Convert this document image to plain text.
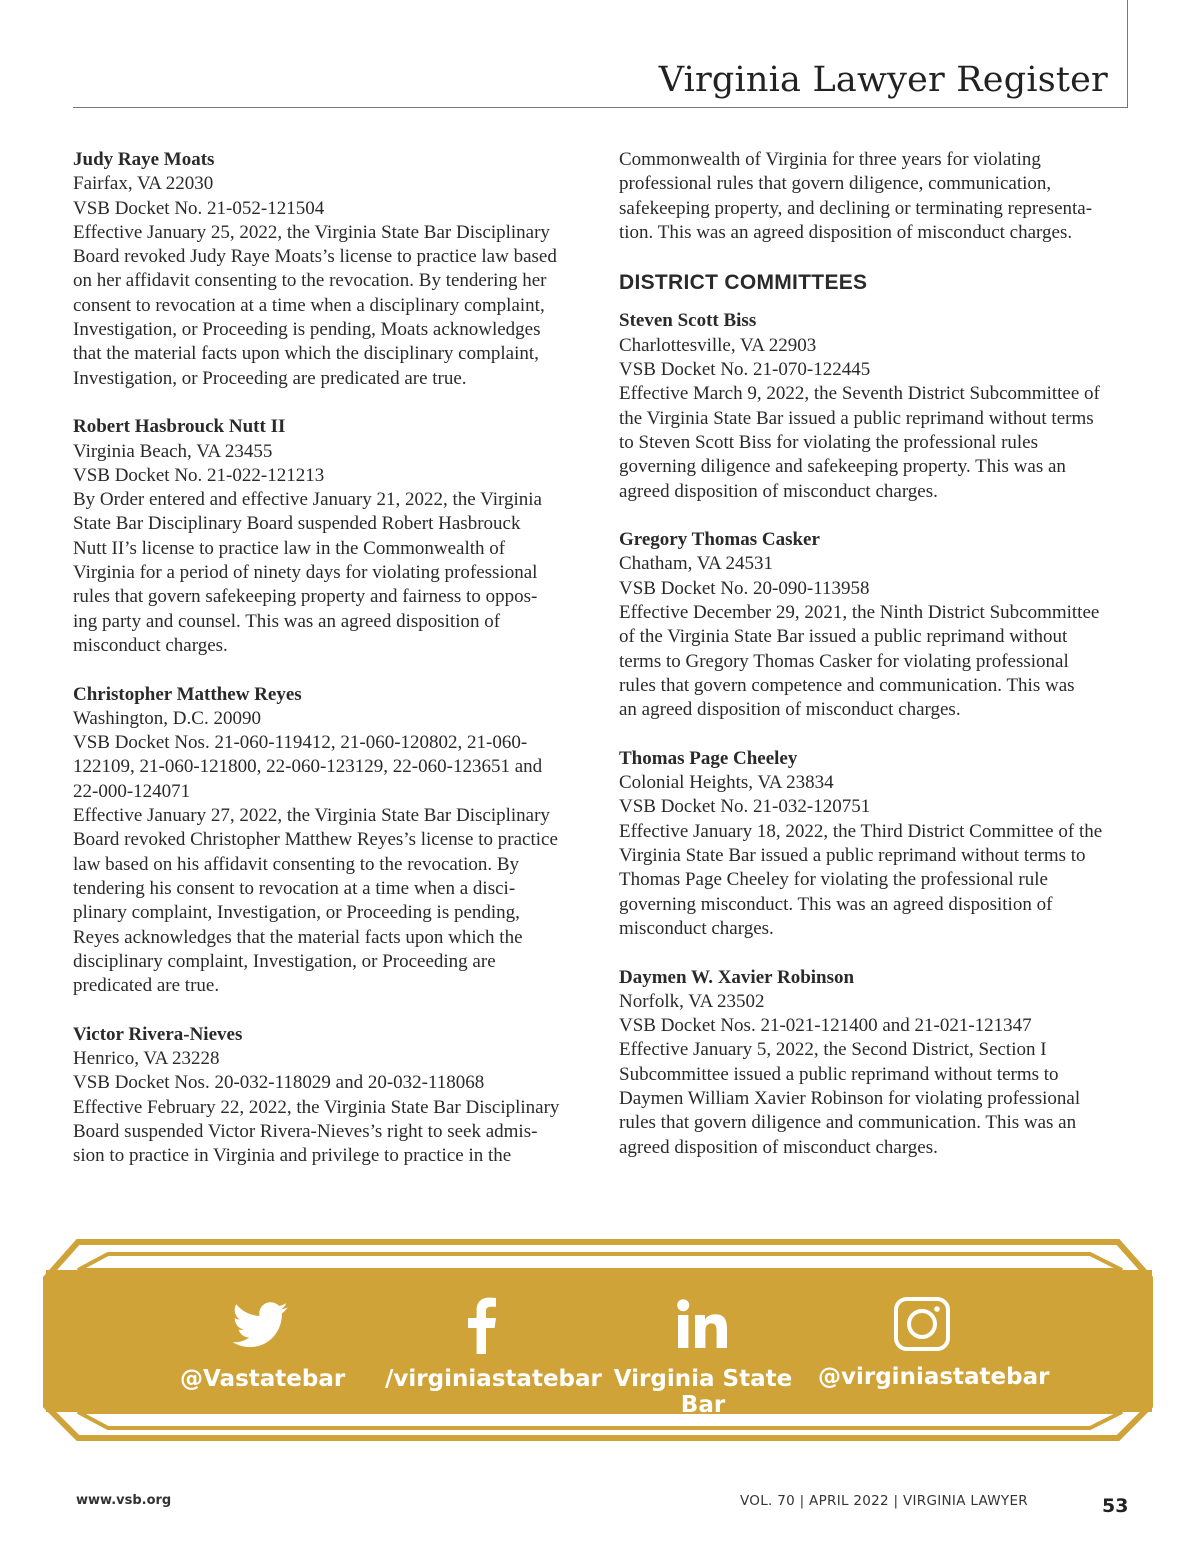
Virginia Lawyer Register
Judy Raye Moats
Fairfax, VA 22030
VSB Docket No. 21-052-121504
Effective January 25, 2022, the Virginia State Bar Disciplinary
Board revoked Judy Raye Moats’s license to practice law based
on her affidavit consenting to the revocation. By tendering her
consent to revocation at a time when a disciplinary complaint,
Investigation, or Proceeding is pending, Moats acknowledges
that the material facts upon which the disciplinary complaint,
Investigation, or Proceeding are predicated are true.
Robert Hasbrouck Nutt II
Virginia Beach, VA 23455
VSB Docket No. 21-022-121213
By Order entered and effective January 21, 2022, the Virginia
State Bar Disciplinary Board suspended Robert Hasbrouck
Nutt II’s license to practice law in the Commonwealth of
Virginia for a period of ninety days for violating professional
rules that govern safekeeping property and fairness to oppos-
ing party and counsel. This was an agreed disposition of
misconduct charges.
Christopher Matthew Reyes
Washington, D.C. 20090
VSB Docket Nos. 21-060-119412, 21-060-120802, 21-060-
122109, 21-060-121800, 22-060-123129, 22-060-123651 and
22-000-124071
Effective January 27, 2022, the Virginia State Bar Disciplinary
Board revoked Christopher Matthew Reyes’s license to practice
law based on his affidavit consenting to the revocation. By
tendering his consent to revocation at a time when a disci-
plinary complaint, Investigation, or Proceeding is pending,
Reyes acknowledges that the material facts upon which the
disciplinary complaint, Investigation, or Proceeding are
predicated are true.
Victor Rivera-Nieves
Henrico, VA 23228
VSB Docket Nos. 20-032-118029 and 20-032-118068
Effective February 22, 2022, the Virginia State Bar Disciplinary
Board suspended Victor Rivera-Nieves’s right to seek admis-
sion to practice in Virginia and privilege to practice in the
Commonwealth of Virginia for three years for violating
professional rules that govern diligence, communication,
safekeeping property, and declining or terminating representa-
tion. This was an agreed disposition of misconduct charges.
DISTRICT COMMITTEES
Steven Scott Biss
Charlottesville, VA 22903
VSB Docket No. 21-070-122445
Effective March 9, 2022, the Seventh District Subcommittee of
the Virginia State Bar issued a public reprimand without terms
to Steven Scott Biss for violating the professional rules
governing diligence and safekeeping property. This was an
agreed disposition of misconduct charges.
Gregory Thomas Casker
Chatham, VA 24531
VSB Docket No. 20-090-113958
Effective December 29, 2021, the Ninth District Subcommittee
of the Virginia State Bar issued a public reprimand without
terms to Gregory Thomas Casker for violating professional
rules that govern competence and communication. This was
an agreed disposition of misconduct charges.
Thomas Page Cheeley
Colonial Heights, VA 23834
VSB Docket No. 21-032-120751
Effective January 18, 2022, the Third District Committee of the
Virginia State Bar issued a public reprimand without terms to
Thomas Page Cheeley for violating the professional rule
governing misconduct. This was an agreed disposition of
misconduct charges.
Daymen W. Xavier Robinson
Norfolk, VA 23502
VSB Docket Nos. 21-021-121400 and 21-021-121347
Effective January 5, 2022, the Second District, Section I
Subcommittee issued a public reprimand without terms to
Daymen William Xavier Robinson for violating professional
rules that govern diligence and communication. This was an
agreed disposition of misconduct charges.
@Vastatebar /virginiastatebar Virginia State Bar
@virginiastatebar
www.vsb.org	VOL. 70 | APRIL 2022 | VIRGINIA LAWYER	53
